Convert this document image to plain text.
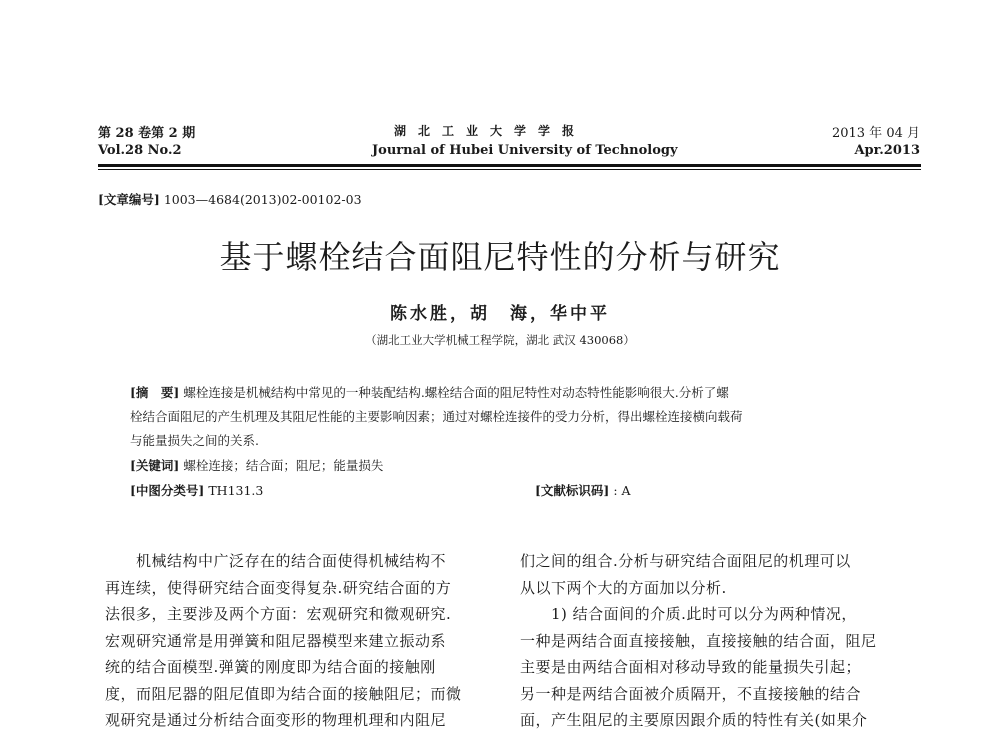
第 28 卷第 2 期	湖　北　工　业　大　学　学　报	2013 年 04 月
Vol.28 No.2	Journal of Hubei University of Technology	Apr.2013
[文章编号] 1003—4684(2013)02-00102-03
基于螺栓结合面阻尼特性的分析与研究
陈水胜，胡　海，华中平
（湖北工业大学机械工程学院，湖北 武汉 430068）
[摘　要] 螺栓连接是机械结构中常见的一种装配结构.螺栓结合面的阻尼特性对动态特性能影响很大.分析了螺
栓结合面阻尼的产生机理及其阻尼性能的主要影响因素；通过对螺栓连接件的受力分析，得出螺栓连接横向载荷
与能量损失之间的关系.
[关键词] 螺栓连接；结合面；阻尼；能量损失
[中图分类号] TH131.3	[文献标识码] : A
　　机械结构中广泛存在的结合面使得机械结构不
再连续，使得研究结合面变得复杂.研究结合面的方
法很多，主要涉及两个方面：宏观研究和微观研究.
宏观研究通常是用弹簧和阻尼器模型来建立振动系
统的结合面模型.弹簧的刚度即为结合面的接触刚
度，而阻尼器的阻尼值即为结合面的接触阻尼；而微
观研究是通过分析结合面变形的物理机理和内阻尼
们之间的组合.分析与研究结合面阻尼的机理可以
从以下两个大的方面加以分析.
　　1) 结合面间的介质.此时可以分为两种情况，
一种是两结合面直接接触，直接接触的结合面，阻尼
主要是由两结合面相对移动导致的能量损失引起；
另一种是两结合面被介质隔开，不直接接触的结合
面，产生阻尼的主要原因跟介质的特性有关(如果介
